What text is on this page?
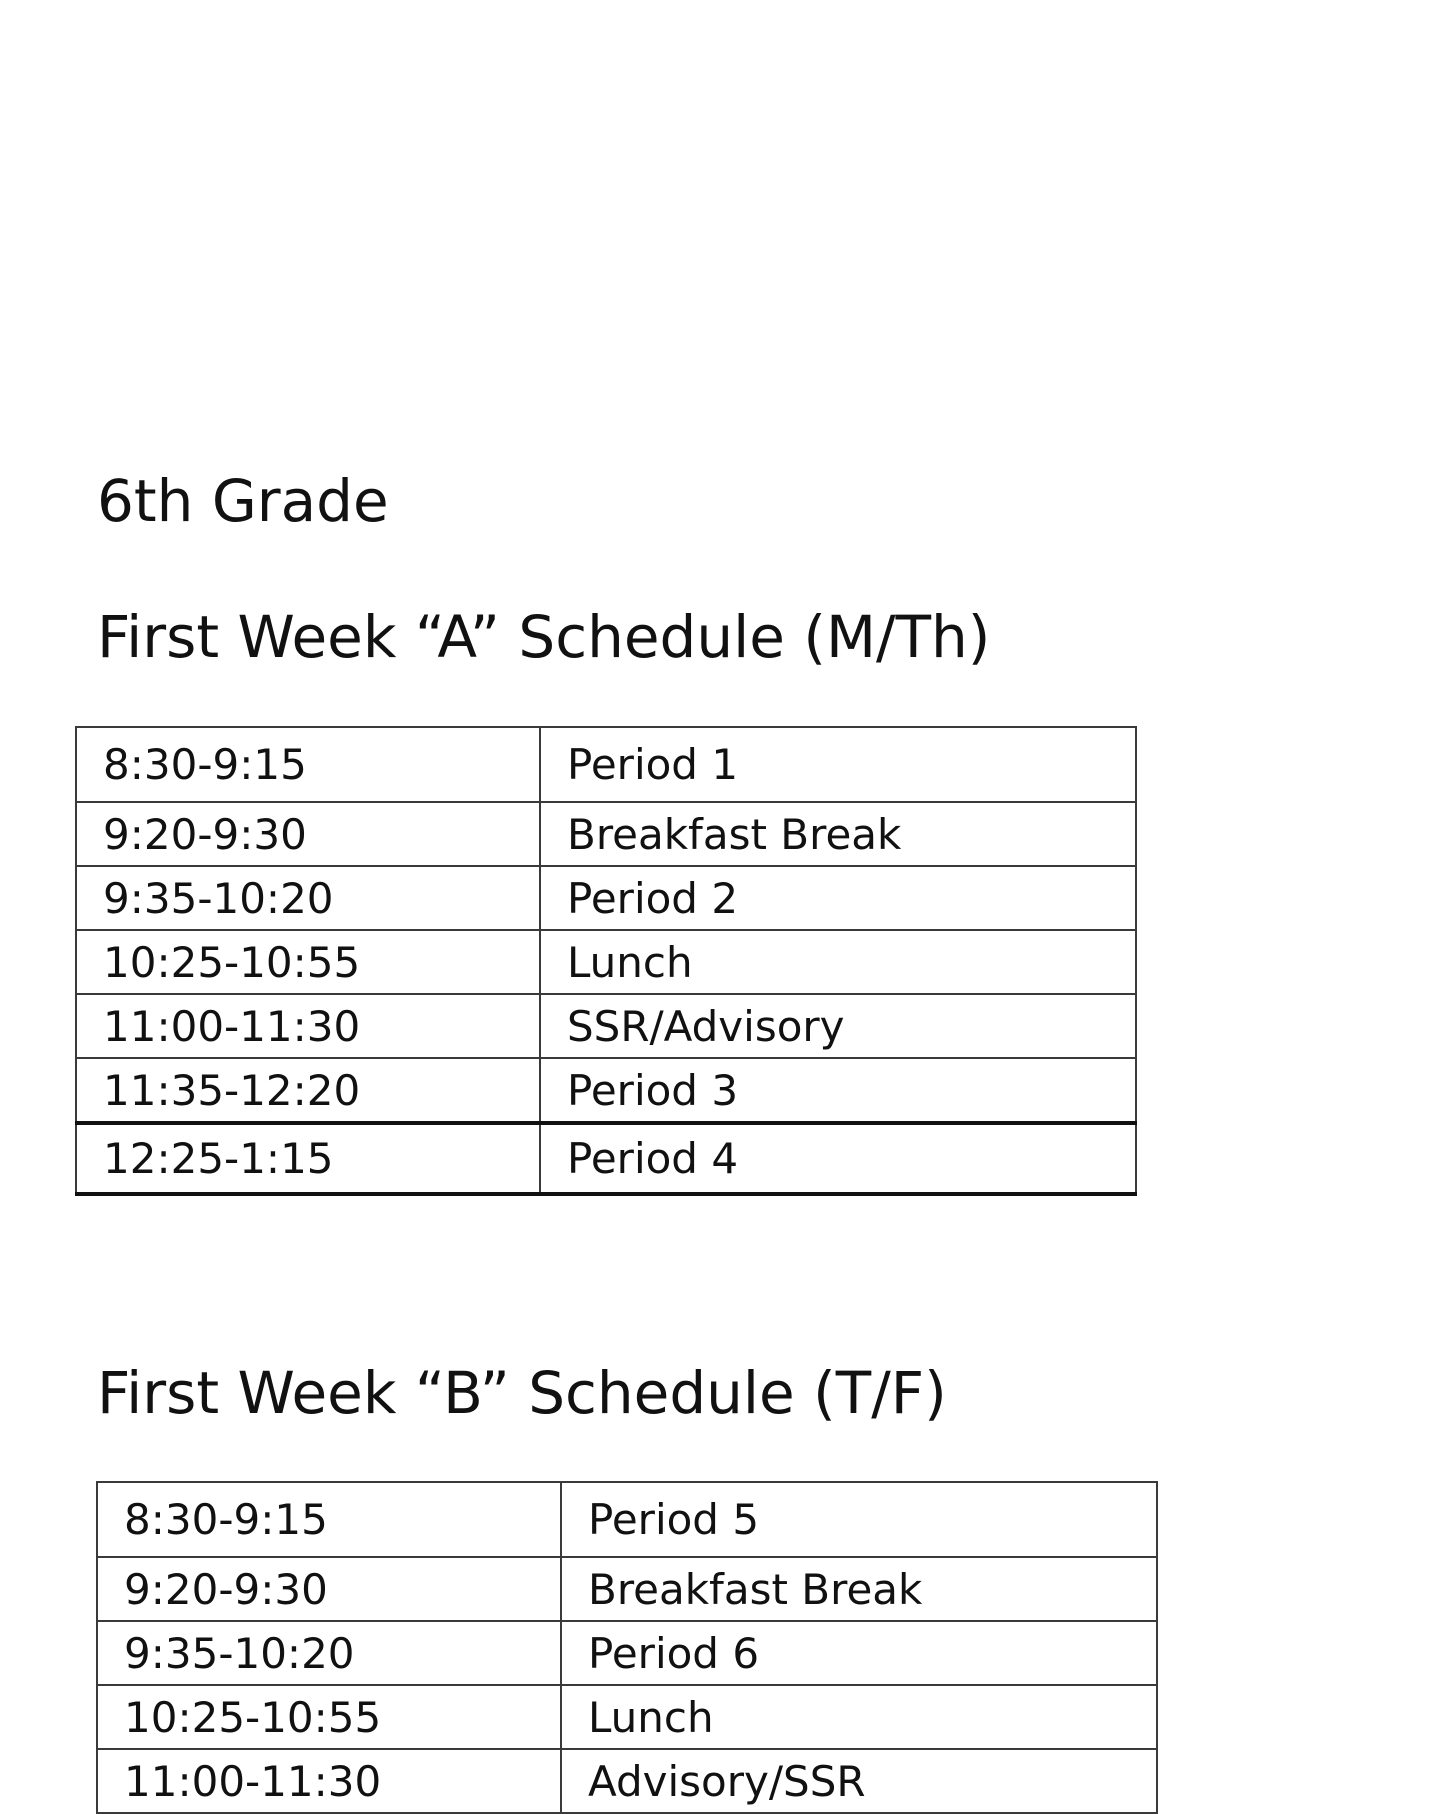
6th Grade
First Week “A” Schedule (M/Th)
8:30-9:15	Period 1
9:20-9:30	Breakfast Break
9:35-10:20	Period 2
10:25-10:55	Lunch
11:00-11:30	SSR/Advisory
11:35-12:20	Period 3
12:25-1:15	Period 4
First Week “B” Schedule (T/F)
8:30-9:15	Period 5
9:20-9:30	Breakfast Break
9:35-10:20	Period 6
10:25-10:55	Lunch
11:00-11:30	Advisory/SSR
